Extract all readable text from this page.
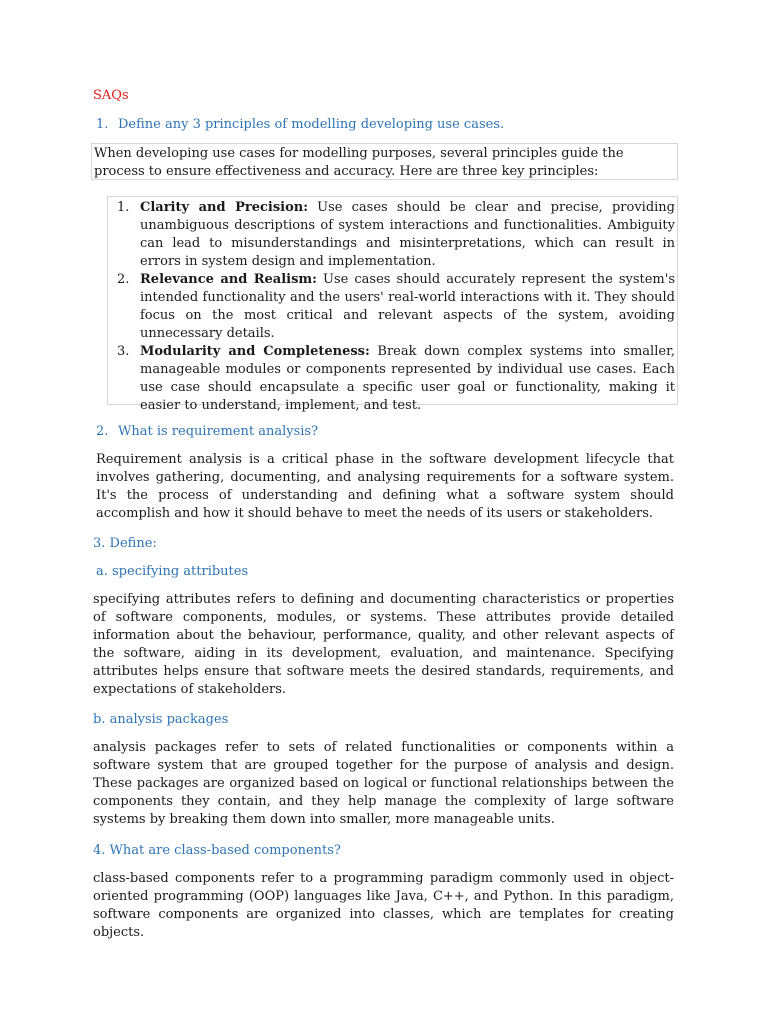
SAQs
1. Define any 3 principles of modelling developing use cases.
When developing use cases for modelling purposes, several principles guide the process to ensure effectiveness and accuracy. Here are three key principles:
1. Clarity and Precision: Use cases should be clear and precise, providing unambiguous descriptions of system interactions and functionalities. Ambiguity can lead to misunderstandings and misinterpretations, which can result in errors in system design and implementation.
2. Relevance and Realism: Use cases should accurately represent the system's intended functionality and the users' real-world interactions with it. They should focus on the most critical and relevant aspects of the system, avoiding unnecessary details.
3. Modularity and Completeness: Break down complex systems into smaller, manageable modules or components represented by individual use cases. Each use case should encapsulate a specific user goal or functionality, making it easier to understand, implement, and test.
2. What is requirement analysis?
Requirement analysis is a critical phase in the software development lifecycle that involves gathering, documenting, and analysing requirements for a software system. It's the process of understanding and defining what a software system should accomplish and how it should behave to meet the needs of its users or stakeholders.
3. Define:
a. specifying attributes
specifying attributes refers to defining and documenting characteristics or properties of software components, modules, or systems. These attributes provide detailed information about the behaviour, performance, quality, and other relevant aspects of the software, aiding in its development, evaluation, and maintenance. Specifying attributes helps ensure that software meets the desired standards, requirements, and expectations of stakeholders.
b. analysis packages
analysis packages refer to sets of related functionalities or components within a software system that are grouped together for the purpose of analysis and design. These packages are organized based on logical or functional relationships between the components they contain, and they help manage the complexity of large software systems by breaking them down into smaller, more manageable units.
4. What are class-based components?
class-based components refer to a programming paradigm commonly used in object-oriented programming (OOP) languages like Java, C++, and Python. In this paradigm, software components are organized into classes, which are templates for creating objects.
